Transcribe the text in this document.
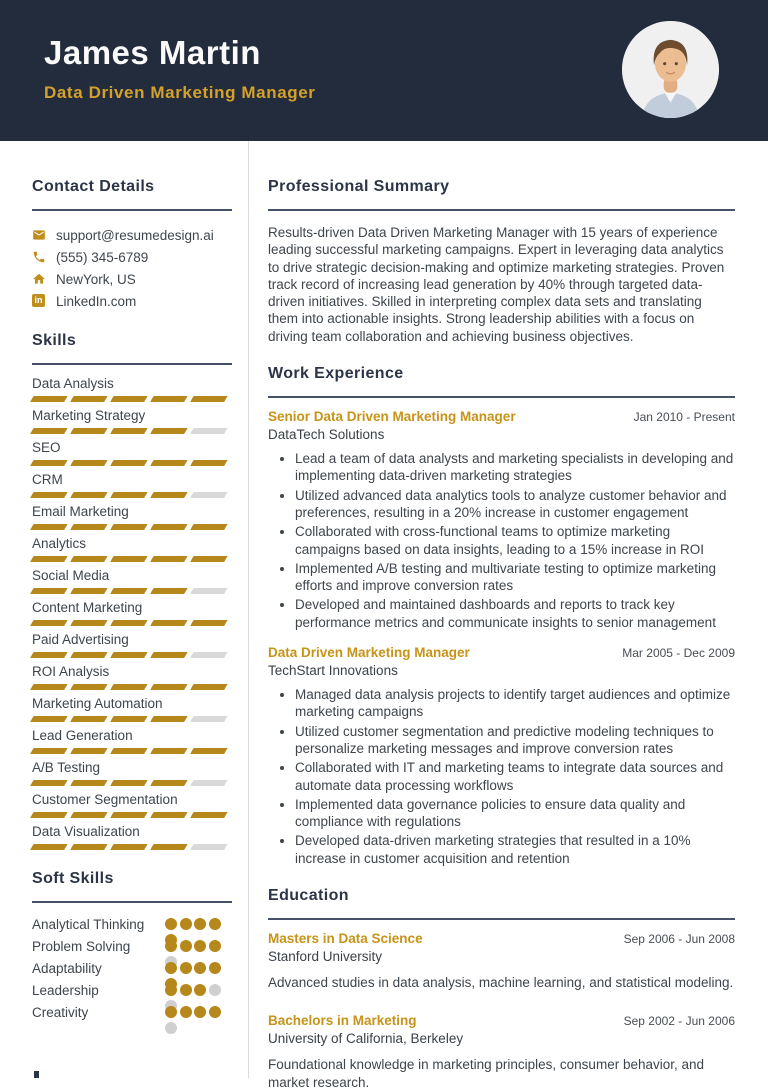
James Martin
Data Driven Marketing Manager
Contact Details
support@resumedesign.ai
(555) 345-6789
NewYork, US
in LinkedIn.com
Skills
Data Analysis
Marketing Strategy
SEO
CRM
Email Marketing
Analytics
Social Media
Content Marketing
Paid Advertising
ROI Analysis
Marketing Automation
Lead Generation
A/B Testing
Customer Segmentation
Data Visualization
Soft Skills
Analytical Thinking
Problem Solving
Adaptability
Leadership
Creativity
Professional Summary

Results-driven Data Driven Marketing Manager with 15 years of experience leading successful marketing campaigns. Expert in leveraging data analytics to drive strategic decision-making and optimize marketing strategies. Proven track record of increasing lead generation by 40% through targeted data-driven initiatives. Skilled in interpreting complex data sets and translating them into actionable insights. Strong leadership abilities with a focus on driving team collaboration and achieving business objectives.

Work Experience
Senior Data Driven Marketing Manager	Jan 2010 - Present
DataTech Solutions
• Lead a team of data analysts and marketing specialists in developing and implementing data-driven marketing strategies
• Utilized advanced data analytics tools to analyze customer behavior and preferences, resulting in a 20% increase in customer engagement
• Collaborated with cross-functional teams to optimize marketing campaigns based on data insights, leading to a 15% increase in ROI
• Implemented A/B testing and multivariate testing to optimize marketing efforts and improve conversion rates
• Developed and maintained dashboards and reports to track key performance metrics and communicate insights to senior management
Data Driven Marketing Manager	Mar 2005 - Dec 2009
TechStart Innovations
• Managed data analysis projects to identify target audiences and optimize marketing campaigns
• Utilized customer segmentation and predictive modeling techniques to personalize marketing messages and improve conversion rates
• Collaborated with IT and marketing teams to integrate data sources and automate data processing workflows
• Implemented data governance policies to ensure data quality and compliance with regulations
• Developed data-driven marketing strategies that resulted in a 10% increase in customer acquisition and retention
Education
Masters in Data Science	Sep 2006 - Jun 2008
Stanford University
Advanced studies in data analysis, machine learning, and statistical modeling.
Bachelors in Marketing	Sep 2002 - Jun 2006
University of California, Berkeley
Foundational knowledge in marketing principles, consumer behavior, and market research.
